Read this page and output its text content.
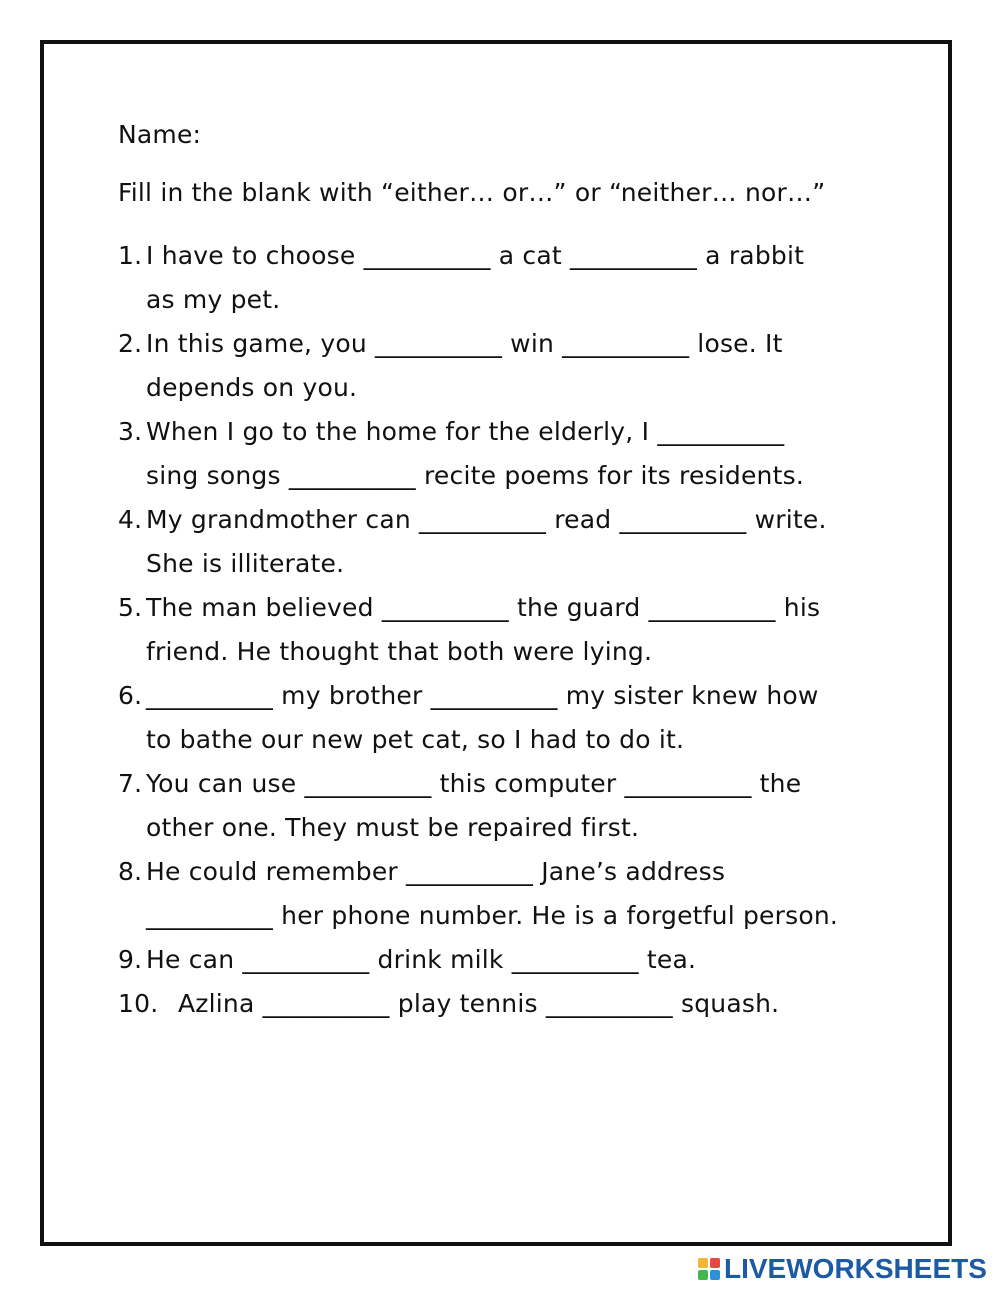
Name:
Fill in the blank with “either… or…” or “neither… nor…”
1. I have to choose __________ a cat __________ a rabbit
as my pet.
2. In this game, you __________ win __________ lose. It
depends on you.
3. When I go to the home for the elderly, I __________
sing songs __________ recite poems for its residents.
4. My grandmother can __________ read __________ write.
She is illiterate.
5. The man believed __________ the guard __________ his
friend. He thought that both were lying.
6. __________ my brother __________ my sister knew how
to bathe our new pet cat, so I had to do it.
7. You can use __________ this computer __________ the
other one. They must be repaired first.
8. He could remember __________ Jane’s address
__________ her phone number. He is a forgetful person.
9. He can __________ drink milk __________ tea.
10. Azlina __________ play tennis __________ squash.
LIVEWORKSHEETS
